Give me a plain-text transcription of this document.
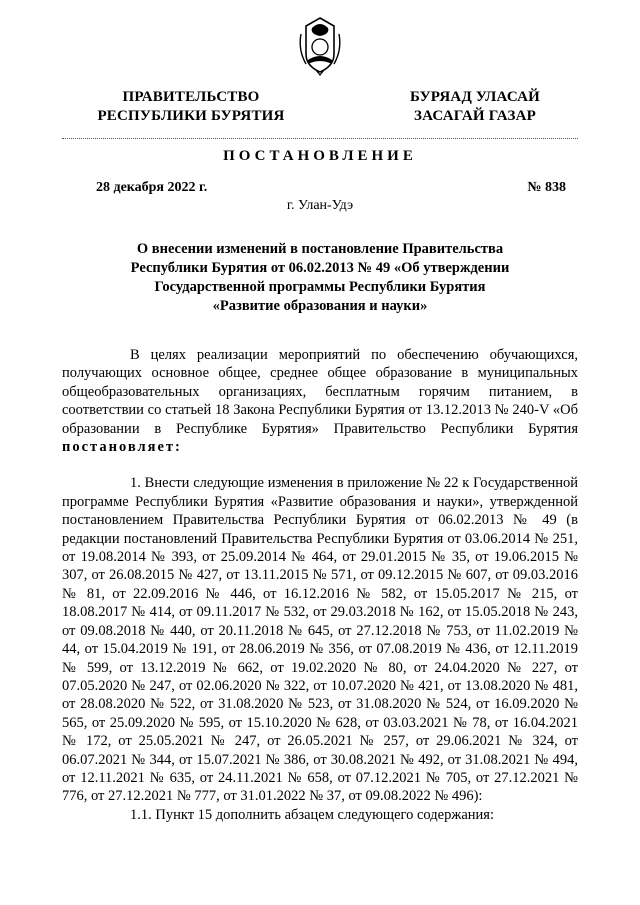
ПРАВИТЕЛЬСТВО
РЕСПУБЛИКИ БУРЯТИЯ
БУРЯАД УЛАСАЙ
ЗАСАГАЙ ГАЗАР
ПОСТАНОВЛЕНИЕ
28 декабря 2022 г.	№ 838
г. Улан-Удэ
О внесении изменений в постановление Правительства
Республики Бурятия от 06.02.2013 № 49 «Об утверждении
Государственной программы Республики Бурятия
«Развитие образования и науки»

В целях реализации мероприятий по обеспечению обучающихся, получающих основное общее, среднее общее образование в муниципальных общеобразовательных организациях, бесплатным горячим питанием, в соответствии со статьей 18 Закона Республики Бурятия от 13.12.2013 № 240-V «Об образовании в Республике Бурятия» Правительство Республики Бурятия постановляет:

1. Внести следующие изменения в приложение № 22 к Государственной программе Республики Бурятия «Развитие образования и науки», утвержденной постановлением Правительства Республики Бурятия от 06.02.2013 № 49 (в редакции постановлений Правительства Республики Бурятия от 03.06.2014 № 251, от 19.08.2014 № 393, от 25.09.2014 № 464, от 29.01.2015 № 35, от 19.06.2015 № 307, от 26.08.2015 № 427, от 13.11.2015 № 571, от 09.12.2015 № 607, от 09.03.2016 № 81, от 22.09.2016 № 446, от 16.12.2016 № 582, от 15.05.2017 № 215, от 18.08.2017 № 414, от 09.11.2017 № 532, от 29.03.2018 № 162, от 15.05.2018 № 243, от 09.08.2018 № 440, от 20.11.2018 № 645, от 27.12.2018 № 753, от 11.02.2019 № 44, от 15.04.2019 № 191, от 28.06.2019 № 356, от 07.08.2019 № 436, от 12.11.2019 № 599, от 13.12.2019 № 662, от 19.02.2020 № 80, от 24.04.2020 № 227, от 07.05.2020 № 247, от 02.06.2020 № 322, от 10.07.2020 № 421, от 13.08.2020 № 481, от 28.08.2020 № 522, от 31.08.2020 № 523, от 31.08.2020 № 524, от 16.09.2020 № 565, от 25.09.2020 № 595, от 15.10.2020 № 628, от 03.03.2021 № 78, от 16.04.2021 № 172, от 25.05.2021 № 247, от 26.05.2021 № 257, от 29.06.2021 № 324, от 06.07.2021 № 344, от 15.07.2021 № 386, от 30.08.2021 № 492, от 31.08.2021 № 494, от 12.11.2021 № 635, от 24.11.2021 № 658, от 07.12.2021 № 705, от 27.12.2021 № 776, от 27.12.2021 № 777, от 31.01.2022 № 37, от 09.08.2022 № 496):

1.1. Пункт 15 дополнить абзацем следующего содержания:
